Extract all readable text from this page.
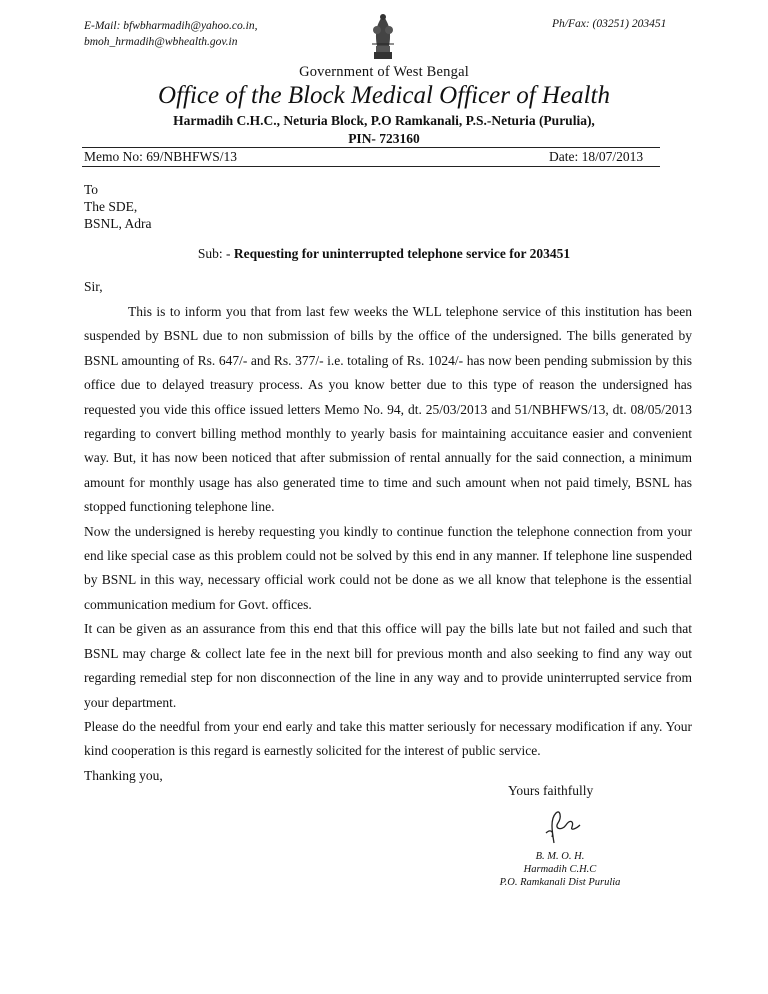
E-Mail: bfwbharmadih@yahoo.co.in,
bmoh_hrmadih@wbhealth.gov.in
Ph/Fax: (03251) 203451
Government of West Bengal
Office of the Block Medical Officer of Health
Harmadih C.H.C., Neturia Block, P.O Ramkanali, P.S.-Neturia (Purulia),
PIN- 723160
Memo No: 69/NBHFWS/13	Date: 18/07/2013
To
The SDE,
BSNL, Adra
Sub: - Requesting for uninterrupted telephone service for 203451
Sir,

This is to inform you that from last few weeks the WLL telephone service of this institution has been suspended by BSNL due to non submission of bills by the office of the undersigned. The bills generated by BSNL amounting of Rs. 647/- and Rs. 377/- i.e. totaling of Rs. 1024/- has now been pending submission by this office due to delayed treasury process. As you know better due to this type of reason the undersigned has requested you vide this office issued letters Memo No. 94, dt. 25/03/2013 and 51/NBHFWS/13, dt. 08/05/2013 regarding to convert billing method monthly to yearly basis for maintaining accuitance easier and convenient way. But, it has now been noticed that after submission of rental annually for the said connection, a minimum amount for monthly usage has also generated time to time and such amount when not paid timely, BSNL has stopped functioning telephone line.

Now the undersigned is hereby requesting you kindly to continue function the telephone connection from your end like special case as this problem could not be solved by this end in any manner. If telephone line suspended by BSNL in this way, necessary official work could not be done as we all know that telephone is the essential communication medium for Govt. offices.

It can be given as an assurance from this end that this office will pay the bills late but not failed and such that BSNL may charge & collect late fee in the next bill for previous month and also seeking to find any way out regarding remedial step for non disconnection of the line in any way and to provide uninterrupted service from your department.

Please do the needful from your end early and take this matter seriously for necessary modification if any. Your kind cooperation is this regard is earnestly solicited for the interest of public service.

Thanking you,

Yours faithfully
B. M. O. H.
Harmadih C.H.C
P.O. Ramkanali Dist Purulia
